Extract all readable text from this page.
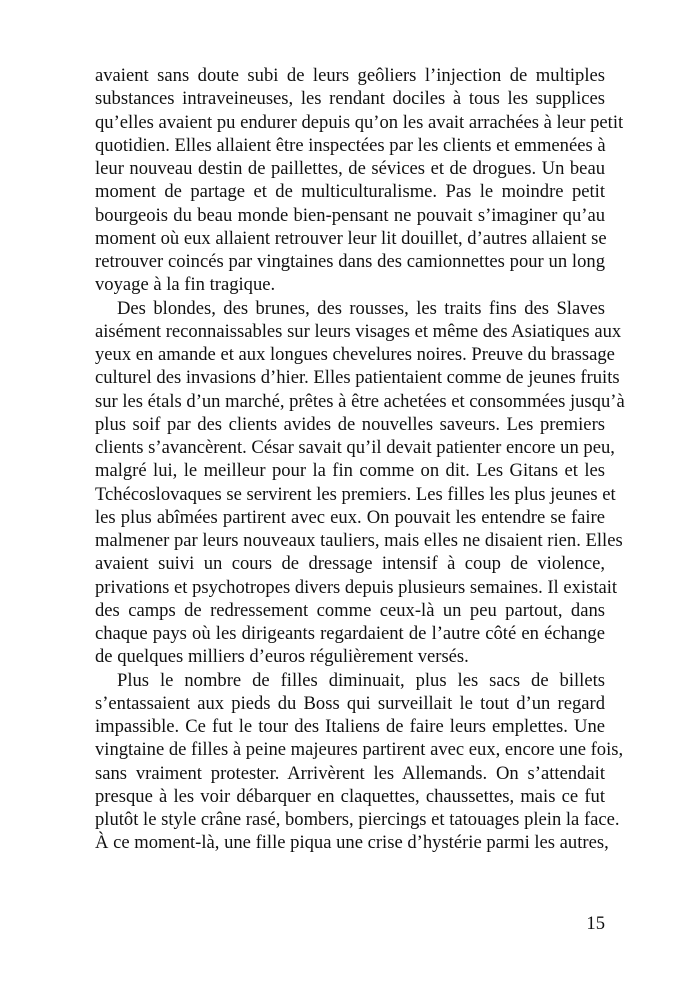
avaient sans doute subi de leurs geôliers l’injection de multiples
substances intraveineuses, les rendant dociles à tous les supplices
qu’elles avaient pu endurer depuis qu’on les avait arrachées à leur petit
quotidien. Elles allaient être inspectées par les clients et emmenées à
leur nouveau destin de paillettes, de sévices et de drogues. Un beau
moment de partage et de multiculturalisme. Pas le moindre petit
bourgeois du beau monde bien-pensant ne pouvait s’imaginer qu’au
moment où eux allaient retrouver leur lit douillet, d’autres allaient se
retrouver coincés par vingtaines dans des camionnettes pour un long
voyage à la fin tragique.
Des blondes, des brunes, des rousses, les traits fins des Slaves
aisément reconnaissables sur leurs visages et même des Asiatiques aux
yeux en amande et aux longues chevelures noires. Preuve du brassage
culturel des invasions d’hier. Elles patientaient comme de jeunes fruits
sur les étals d’un marché, prêtes à être achetées et consommées jusqu’à
plus soif par des clients avides de nouvelles saveurs. Les premiers
clients s’avancèrent. César savait qu’il devait patienter encore un peu,
malgré lui, le meilleur pour la fin comme on dit. Les Gitans et les
Tchécoslovaques se servirent les premiers. Les filles les plus jeunes et
les plus abîmées partirent avec eux. On pouvait les entendre se faire
malmener par leurs nouveaux tauliers, mais elles ne disaient rien. Elles
avaient suivi un cours de dressage intensif à coup de violence,
privations et psychotropes divers depuis plusieurs semaines. Il existait
des camps de redressement comme ceux-là un peu partout, dans
chaque pays où les dirigeants regardaient de l’autre côté en échange
de quelques milliers d’euros régulièrement versés.
Plus le nombre de filles diminuait, plus les sacs de billets
s’entassaient aux pieds du Boss qui surveillait le tout d’un regard
impassible. Ce fut le tour des Italiens de faire leurs emplettes. Une
vingtaine de filles à peine majeures partirent avec eux, encore une fois,
sans vraiment protester. Arrivèrent les Allemands. On s’attendait
presque à les voir débarquer en claquettes, chaussettes, mais ce fut
plutôt le style crâne rasé, bombers, piercings et tatouages plein la face.
À ce moment-là, une fille piqua une crise d’hystérie parmi les autres,
15
